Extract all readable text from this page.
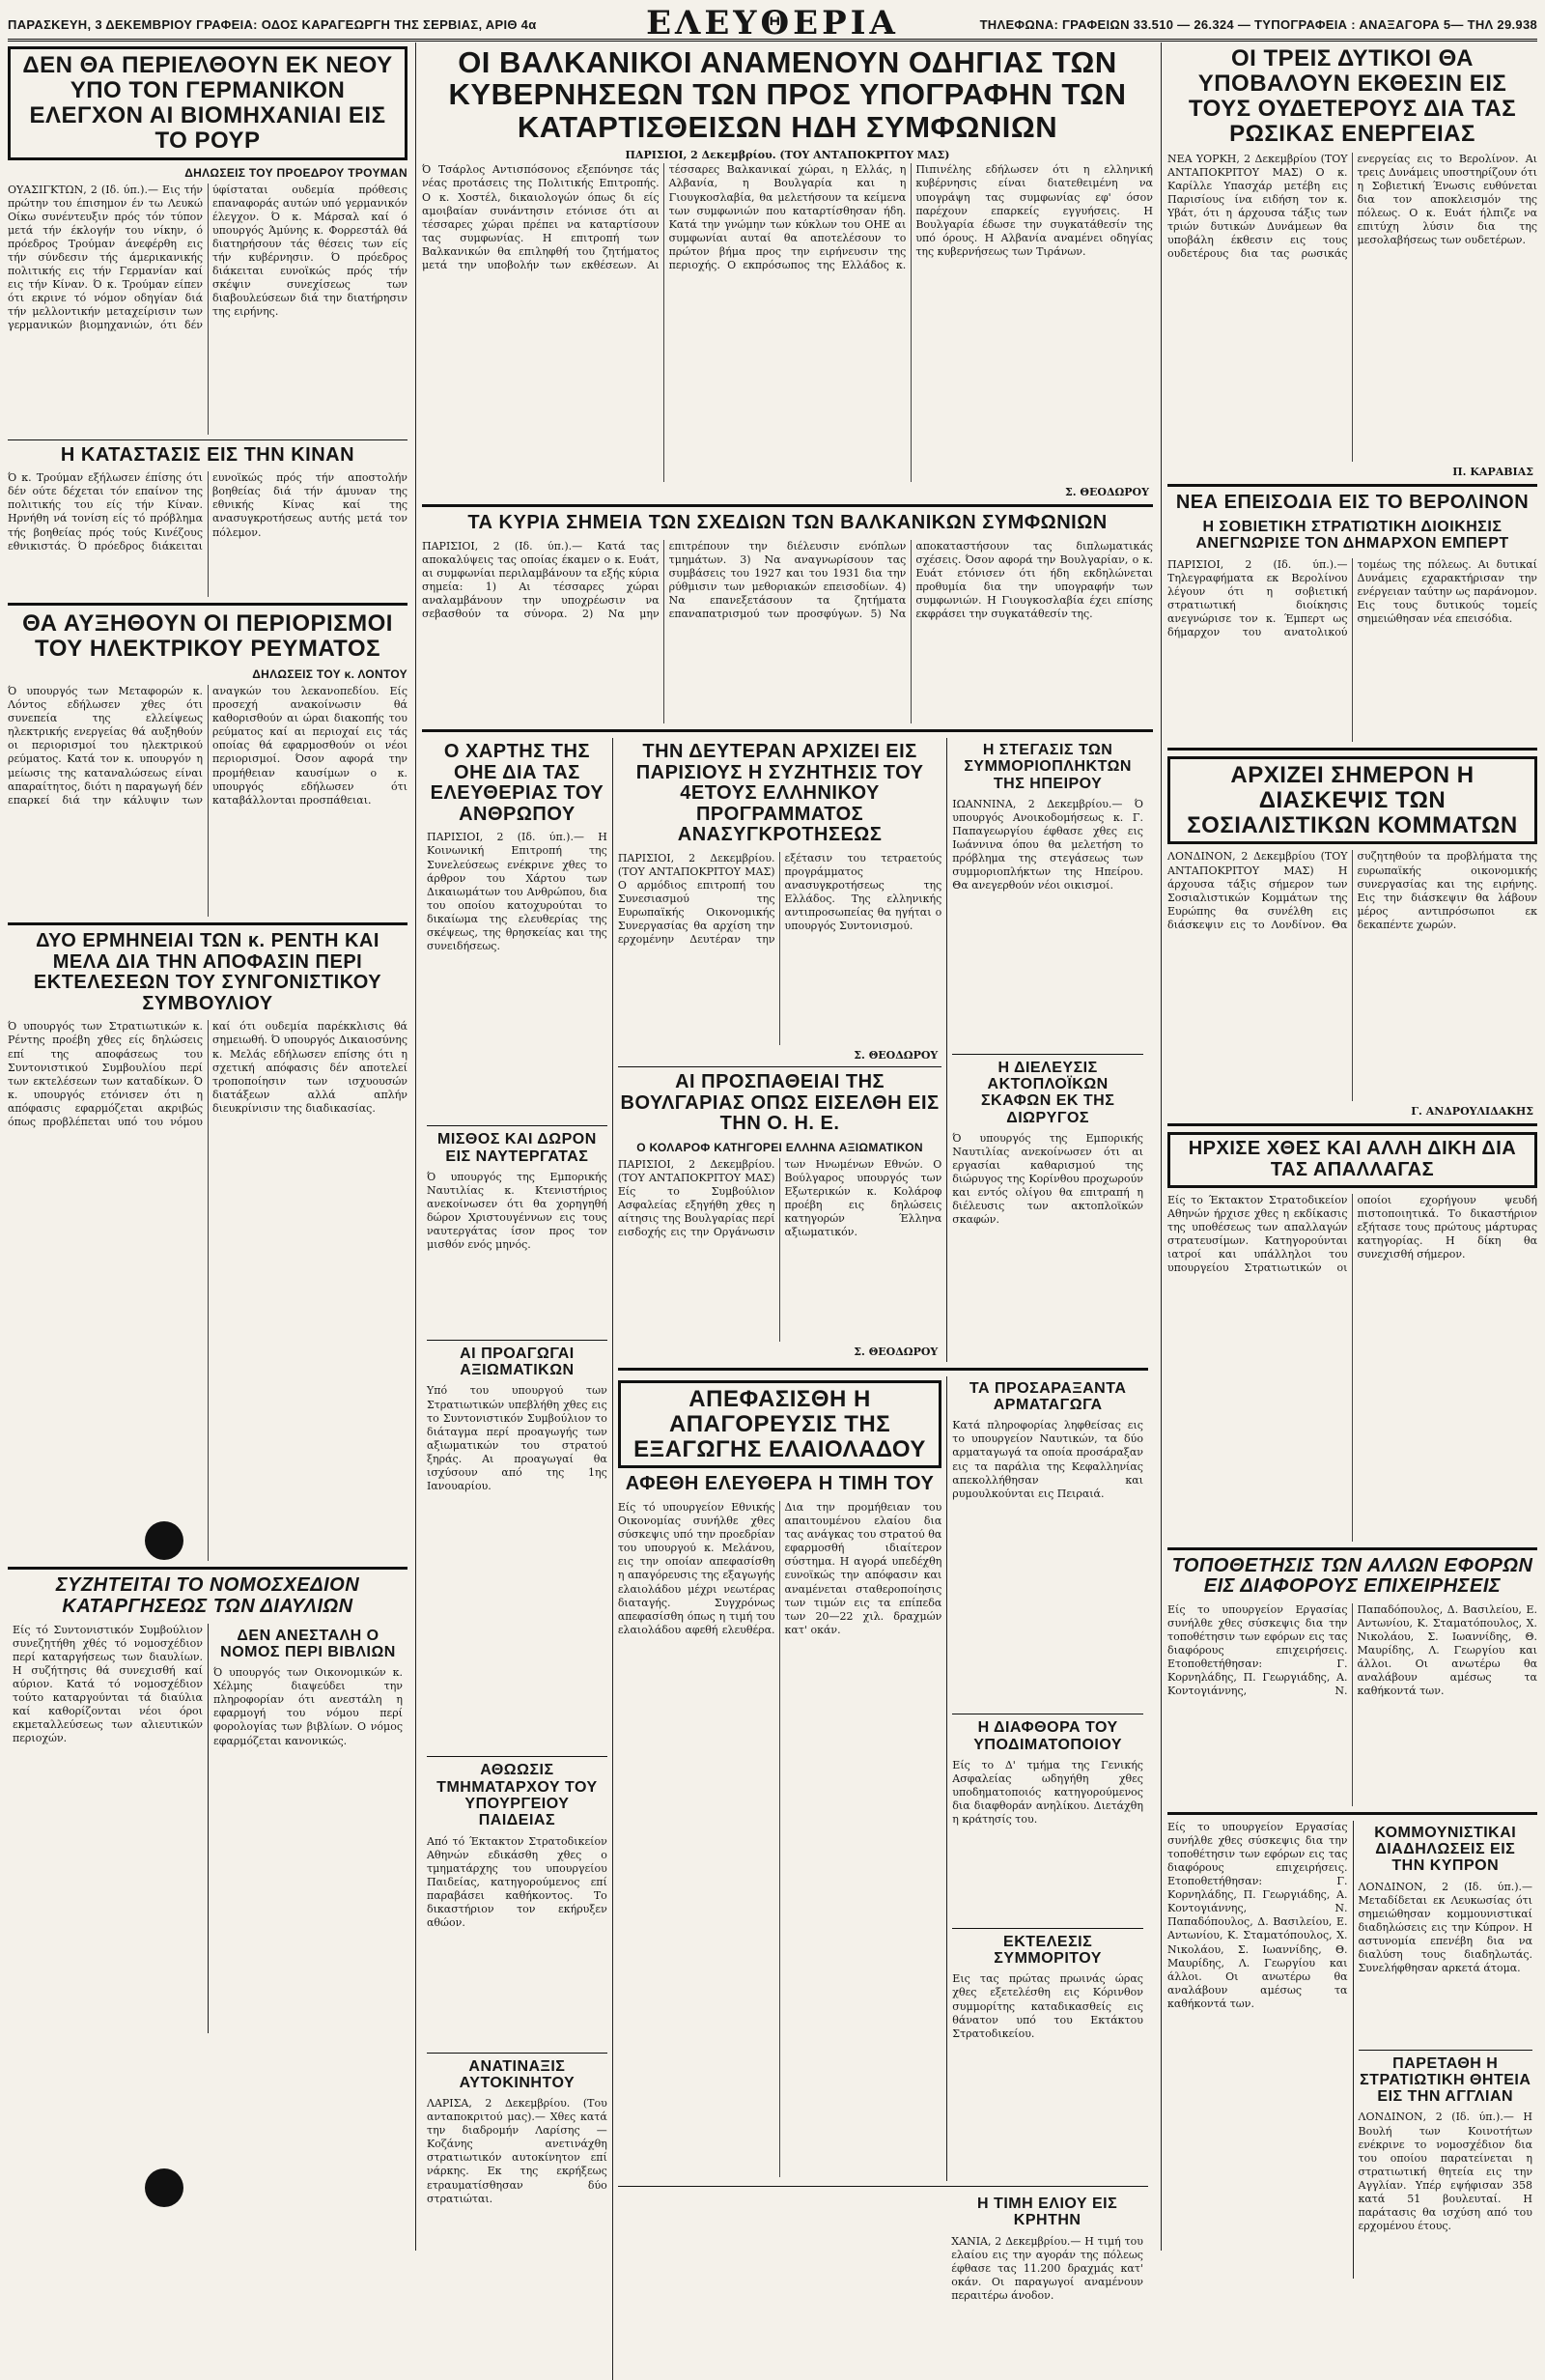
ΠΑΡΑΣΚΕΥΗ, 3 ΔΕΚΕΜΒΡΙΟΥ ΓΡΑΦΕΙΑ: ΟΔΟΣ ΚΑΡΑΓΕΩΡΓΗ ΤΗΣ ΣΕΡΒΙΑΣ, ΑΡΙΘ 4α	ΕΛΕΥΘΕΡΙΑ	ΤΗΛΕΦΩΝΑ: ΓΡΑΦΕΙΩΝ 33.510 — 26.324 — ΤΥΠΟΓΡΑΦΕΙΑ : ΑΝΑΞΑΓΟΡΑ 5— ΤΗΛ 29.938
ΔΕΝ ΘΑ ΠΕΡΙΕΛΘΟΥΝ ΕΚ ΝΕΟΥ ΥΠΟ ΤΟΝ ΓΕΡΜΑΝΙΚΟΝ ΕΛΕΓΧΟΝ ΑΙ ΒΙΟΜΗΧΑΝΙΑΙ ΕΙΣ ΤΟ ΡΟΥΡ
ΔΗΛΩΣΕΙΣ ΤΟΥ ΠΡΟΕΔΡΟΥ ΤΡΟΥΜΑΝ
ΟΥΑΣΙΓΚΤΩΝ, 2 (Ιδ. ύπ.).— Εις τήν πρώτην του έπισημον έν τω Λευκώ Οίκω συνέντευξιν πρός τόν τύπον μετά τήν έκλογήν του νίκην, ό πρόεδρος Τρούμαν άνεφέρθη εις τήν σύνδεσιν τής άμερικανικής πολιτικής εις τήν Γερμανίαν καί εις τήν Κίναν. Ό κ. Τρούμαν είπεν ότι εκρινε τό νόμον οδηγίαν διά τήν μελλοντικήν μεταχείρισιν των γερμανικών βιομηχανιών, ότι δέν ύφίσταται ουδεμία πρόθεσις επαναφοράς αυτών υπό γερμανικόν έλεγχον. Ό κ. Μάρσαλ καί ό υπουργός Άμύνης κ. Φορρεστάλ θά διατηρήσουν τάς θέσεις των είς τήν κυβέρνησιν. Ό πρόεδρος διάκειται ευνοϊκώς πρός τήν σκέψιν συνεχίσεως των διαβουλεύσεων διά την διατήρησιν της ειρήνης.
Η ΚΑΤΑΣΤΑΣΙΣ ΕΙΣ ΤΗΝ ΚΙΝΑΝ
Ό κ. Τρούμαν εξήλωσεν έπίσης ότι δέν ούτε δέχεται τόν επαίνον της πολιτικής του είς τήν Κίναν. Ηρνήθη νά τονίση είς τό πρόβλημα τής βοηθείας πρός τούς Κινέζους εθνικιστάς. Ό πρόεδρος διάκειται ευνοϊκώς πρός τήν αποστολήν βοηθείας διά τήν άμυναν της εθνικής Κίνας καί της ανασυγκροτήσεως αυτής μετά τον πόλεμον.
ΘΑ ΑΥΞΗΘΟΥΝ ΟΙ ΠΕΡΙΟΡΙΣΜΟΙ ΤΟΥ ΗΛΕΚΤΡΙΚΟΥ ΡΕΥΜΑΤΟΣ
ΔΗΛΩΣΕΙΣ ΤΟΥ κ. ΛΟΝΤΟΥ
Ό υπουργός των Μεταφορών κ. Λόντος εδήλωσεν χθες ότι συνεπεία της ελλείψεως ηλεκτρικής ενεργείας θά αυξηθούν οι περιορισμοί του ηλεκτρικού ρεύματος. Κατά τον κ. υπουργόν η μείωσις της καταναλώσεως είναι απαραίτητος, διότι η παραγωγή δέν επαρκεί διά την κάλυψιν των αναγκών του λεκανοπεδίου. Είς προσεχή ανακοίνωσιν θά καθορισθούν αι ώραι διακοπής του ρεύματος καί αι περιοχαί εις τάς οποίας θά εφαρμοσθούν οι νέοι περιορισμοί. Όσον αφορά την προμήθειαν καυσίμων ο κ. υπουργός εδήλωσεν ότι καταβάλλονται προσπάθειαι.
ΔΥΟ ΕΡΜΗΝΕΙΑΙ ΤΩΝ κ. ΡΕΝΤΗ ΚΑΙ ΜΕΛΑ ΔΙΑ ΤΗΝ ΑΠΟΦΑΣΙΝ ΠΕΡΙ ΕΚΤΕΛΕΣΕΩΝ ΤΟΥ ΣΥΝΓΟΝΙΣΤΙΚΟΥ ΣΥΜΒΟΥΛΙΟΥ
Ό υπουργός των Στρατιωτικών κ. Ρέντης προέβη χθες είς δηλώσεις επί της αποφάσεως του Συντονιστικού Συμβουλίου περί των εκτελέσεων των καταδίκων. Ό κ. υπουργός ετόνισεν ότι η απόφασις εφαρμόζεται ακριβώς όπως προβλέπεται υπό του νόμου καί ότι ουδεμία παρέκκλισις θά σημειωθή. Ό υπουργός Δικαιοσύνης κ. Μελάς εδήλωσεν επίσης ότι η σχετική απόφασις δέν αποτελεί τροποποίησιν των ισχυουσών διατάξεων αλλά απλήν διευκρίνισιν της διαδικασίας.
ΣΥΖΗΤΕΙΤΑΙ ΤΟ ΝΟΜΟΣΧΕΔΙΟΝ ΚΑΤΑΡΓΗΣΕΩΣ ΤΩΝ ΔΙΑΥΛΙΩΝ
Είς τό Συντονιστικόν Συμβούλιον συνεζητήθη χθές τό νομοσχέδιον περί καταργήσεως των διαυλίων. Η συζήτησις θά συνεχισθή καί αύριον. Κατά τό νομοσχέδιον τούτο καταργούνται τά διαύλια καί καθορίζονται νέοι όροι εκμεταλλεύσεως των αλιευτικών περιοχών.
ΔΕΝ ΑΝΕΣΤΑΛΗ Ο ΝΟΜΟΣ ΠΕΡΙ ΒΙΒΛΙΩΝ
Ό υπουργός των Οικονομικών κ. Χέλμης διαψεύδει την πληροφορίαν ότι ανεστάλη η εφαρμογή του νόμου περί φορολογίας των βιβλίων. Ο νόμος εφαρμόζεται κανονικώς.
ΟΙ ΒΑΛΚΑΝΙΚΟΙ ΑΝΑΜΕΝΟΥΝ ΟΔΗΓΙΑΣ ΤΩΝ ΚΥΒΕΡΝΗΣΕΩΝ ΤΩΝ ΠΡΟΣ ΥΠΟΓΡΑΦΗΝ ΤΩΝ ΚΑΤΑΡΤΙΣΘΕΙΣΩΝ ΗΔΗ ΣΥΜΦΩΝΙΩΝ
ΠΑΡΙΣΙΟΙ, 2 Δεκεμβρίου. (ΤΟΥ ΑΝΤΑΠΟΚΡΙΤΟΥ ΜΑΣ)
Ό Τσάρλος Αντισπόσονος εξεπόνησε τάς νέας προτάσεις της Πολιτικής Επιτροπής. Ο κ. Χοστέλ, δικαιολογών όπως δι είς αμοιβαίαν συνάντησιν ετόνισε ότι αι τέσσαρες χώραι πρέπει να καταρτίσουν τας συμφωνίας. Η επιτροπή των Βαλκανικών θα επιληφθή του ζητήματος μετά την υποβολήν των εκθέσεων. Αι τέσσαρες Βαλκανικαί χώραι, η Ελλάς, η Αλβανία, η Βουλγαρία και η Γιουγκοσλαβία, θα μελετήσουν τα κείμενα των συμφωνιών που καταρτίσθησαν ήδη. Κατά την γνώμην των κύκλων του ΟΗΕ αι συμφωνίαι αυταί θα αποτελέσουν το πρώτον βήμα προς την ειρήνευσιν της περιοχής. Ο εκπρόσωπος της Ελλάδος κ. Πιπινέλης εδήλωσεν ότι η ελληνική κυβέρνησις είναι διατεθειμένη να υπογράψη τας συμφωνίας εφ' όσον παρέχουν επαρκείς εγγυήσεις. Η Βουλγαρία έδωσε την συγκατάθεσίν της υπό όρους. Η Αλβανία αναμένει οδηγίας της κυβερνήσεως των Τιράνων.
Σ. ΘΕΟΔΩΡΟΥ
ΤΑ ΚΥΡΙΑ ΣΗΜΕΙΑ ΤΩΝ ΣΧΕΔΙΩΝ ΤΩΝ ΒΑΛΚΑΝΙΚΩΝ ΣΥΜΦΩΝΙΩΝ
ΠΑΡΙΣΙΟΙ, 2 (Ιδ. ύπ.).— Κατά τας αποκαλύψεις τας οποίας έκαμεν ο κ. Ευάτ, αι συμφωνίαι περιλαμβάνουν τα εξής κύρια σημεία: 1) Αι τέσσαρες χώραι αναλαμβάνουν την υποχρέωσιν να σεβασθούν τα σύνορα. 2) Να μην επιτρέπουν την διέλευσιν ενόπλων τμημάτων. 3) Να αναγνωρίσουν τας συμβάσεις του 1927 και του 1931 δια την ρύθμισιν των μεθοριακών επεισοδίων. 4) Να επανεξετάσουν τα ζητήματα επαναπατρισμού των προσφύγων. 5) Να αποκαταστήσουν τας διπλωματικάς σχέσεις. Όσον αφορά την Βουλγαρίαν, ο κ. Ευάτ ετόνισεν ότι ήδη εκδηλώνεται προθυμία δια την υπογραφήν των συμφωνιών. Η Γιουγκοσλαβία έχει επίσης εκφράσει την συγκατάθεσίν της.
Ο ΧΑΡΤΗΣ ΤΗΣ ΟΗΕ ΔΙΑ ΤΑΣ ΕΛΕΥΘΕΡΙΑΣ ΤΟΥ ΑΝΘΡΩΠΟΥ
ΠΑΡΙΣΙΟΙ, 2 (Ιδ. ύπ.).— Η Κοινωνική Επιτροπή της Συνελεύσεως ενέκρινε χθες το άρθρον του Χάρτου των Δικαιωμάτων του Ανθρώπου, δια του οποίου κατοχυρούται το δικαίωμα της ελευθερίας της σκέψεως, της θρησκείας και της συνειδήσεως.
ΜΙΣΘΟΣ ΚΑΙ ΔΩΡΟΝ ΕΙΣ ΝΑΥΤΕΡΓΑΤΑΣ
Ό υπουργός της Εμπορικής Ναυτιλίας κ. Κτενιστήριος ανεκοίνωσεν ότι θα χορηγηθή δώρον Χριστουγέννων εις τους ναυτεργάτας ίσον προς τον μισθόν ενός μηνός.
ΑΙ ΠΡΟΑΓΩΓΑΙ ΑΞΙΩΜΑΤΙΚΩΝ
Υπό του υπουργού των Στρατιωτικών υπεβλήθη χθες εις το Συντονιστικόν Συμβούλιον το διάταγμα περί προαγωγής των αξιωματικών του στρατού ξηράς. Αι προαγωγαί θα ισχύσουν από της 1ης Ιανουαρίου.
ΑΘΩΩΣΙΣ ΤΜΗΜΑΤΑΡΧΟΥ ΤΟΥ ΥΠΟΥΡΓΕΙΟΥ ΠΑΙΔΕΙΑΣ
Από τό Έκτακτον Στρατοδικείον Αθηνών εδικάσθη χθες ο τμηματάρχης του υπουργείου Παιδείας, κατηγορούμενος επί παραβάσει καθήκοντος. Το δικαστήριον τον εκήρυξεν αθώον.
ΑΝΑΤΙΝΑΞΙΣ ΑΥΤΟΚΙΝΗΤΟΥ
ΛΑΡΙΣΑ, 2 Δεκεμβρίου. (Του ανταποκριτού μας).— Χθες κατά την διαδρομήν Λαρίσης — Κοζάνης ανετινάχθη στρατιωτικόν αυτοκίνητον επί νάρκης. Εκ της εκρήξεως ετραυματίσθησαν δύο στρατιώται.
ΤΗΝ ΔΕΥΤΕΡΑΝ ΑΡΧΙΖΕΙ ΕΙΣ ΠΑΡΙΣΙΟΥΣ Η ΣΥΖΗΤΗΣΙΣ ΤΟΥ 4ΕΤΟΥΣ ΕΛΛΗΝΙΚΟΥ ΠΡΟΓΡΑΜΜΑΤΟΣ ΑΝΑΣΥΓΚΡΟΤΗΣΕΩΣ
ΠΑΡΙΣΙΟΙ, 2 Δεκεμβρίου. (ΤΟΥ ΑΝΤΑΠΟΚΡΙΤΟΥ ΜΑΣ) Ο αρμόδιος επιτροπή του Συνεσιασμού της Ευρωπαϊκής Οικονομικής Συνεργασίας θα αρχίση την ερχομένην Δευτέραν την εξέτασιν του τετραετούς προγράμματος ανασυγκροτήσεως της Ελλάδος. Της ελληνικής αντιπροσωπείας θα ηγήται ο υπουργός Συντονισμού.
Σ. ΘΕΟΔΩΡΟΥ
ΑΙ ΠΡΟΣΠΑΘΕΙΑΙ ΤΗΣ ΒΟΥΛΓΑΡΙΑΣ ΟΠΩΣ ΕΙΣΕΛΘΗ ΕΙΣ ΤΗΝ Ο. Η. Ε.
Ο ΚΟΛΑΡΟΦ ΚΑΤΗΓΟΡΕΙ ΕΛΛΗΝΑ ΑΞΙΩΜΑΤΙΚΟΝ
ΠΑΡΙΣΙΟΙ, 2 Δεκεμβρίου. (ΤΟΥ ΑΝΤΑΠΟΚΡΙΤΟΥ ΜΑΣ) Είς το Συμβούλιον Ασφαλείας εξηγήθη χθες η αίτησις της Βουλγαρίας περί εισδοχής εις την Οργάνωσιν των Ηνωμένων Εθνών. Ο Βούλγαρος υπουργός των Εξωτερικών κ. Κολάροφ προέβη εις δηλώσεις κατηγορών Έλληνα αξιωματικόν.
Σ. ΘΕΟΔΩΡΟΥ
Η ΣΤΕΓΑΣΙΣ ΤΩΝ ΣΥΜΜΟΡΙΟΠΛΗΚΤΩΝ ΤΗΣ ΗΠΕΙΡΟΥ
ΙΩΑΝΝΙΝΑ, 2 Δεκεμβρίου.— Ό υπουργός Ανοικοδομήσεως κ. Γ. Παπαγεωργίου έφθασε χθες εις Ιωάννινα όπου θα μελετήση το πρόβλημα της στεγάσεως των συμμοριοπλήκτων της Ηπείρου. Θα ανεγερθούν νέοι οικισμοί.
Η ΔΙΕΛΕΥΣΙΣ ΑΚΤΟΠΛΟΪΚΩΝ ΣΚΑΦΩΝ ΕΚ ΤΗΣ ΔΙΩΡΥΓΟΣ
Ό υπουργός της Εμπορικής Ναυτιλίας ανεκοίνωσεν ότι αι εργασίαι καθαρισμού της διώρυγος της Κορίνθου προχωρούν και εντός ολίγου θα επιτραπή η διέλευσις των ακτοπλοϊκών σκαφών.
ΑΠΕΦΑΣΙΣΘΗ Η ΑΠΑΓΟΡΕΥΣΙΣ ΤΗΣ ΕΞΑΓΩΓΗΣ ΕΛΑΙΟΛΑΔΟΥ
ΑΦΕΘΗ ΕΛΕΥΘΕΡΑ Η ΤΙΜΗ ΤΟΥ
Είς τό υπουργείον Εθνικής Οικονομίας συνήλθε χθες σύσκεψις υπό την προεδρίαν του υπουργού κ. Μελάνου, εις την οποίαν απεφασίσθη η απαγόρευσις της εξαγωγής ελαιολάδου μέχρι νεωτέρας διαταγής. Συγχρόνως απεφασίσθη όπως η τιμή του ελαιολάδου αφεθή ελευθέρα. Δια την προμήθειαν του απαιτουμένου ελαίου δια τας ανάγκας του στρατού θα εφαρμοσθή ιδιαίτερον σύστημα. Η αγορά υπεδέχθη ευνοϊκώς την απόφασιν και αναμένεται σταθεροποίησις των τιμών εις τα επίπεδα των 20—22 χιλ. δραχμών κατ' οκάν.
ΤΑ ΠΡΟΣΑΡΑΞΑΝΤΑ ΑΡΜΑΤΑΓΩΓΑ
Κατά πληροφορίας ληφθείσας εις το υπουργείον Ναυτικών, τα δύο αρματαγωγά τα οποία προσάραξαν εις τα παράλια της Κεφαλληνίας απεκολλήθησαν και ρυμουλκούνται εις Πειραιά.
Η ΔΙΑΦΘΟΡΑ ΤΟΥ ΥΠΟΔΙΜΑΤΟΠΟΙΟΥ
Είς το Δ' τμήμα της Γενικής Ασφαλείας ωδηγήθη χθες υποδηματοποιός κατηγορούμενος δια διαφθοράν ανηλίκου. Διετάχθη η κράτησίς του.
ΕΚΤΕΛΕΣΙΣ ΣΥΜΜΟΡΙΤΟΥ
Εις τας πρώτας πρωινάς ώρας χθες εξετελέσθη εις Κόρινθον συμμορίτης καταδικασθείς εις θάνατον υπό του Εκτάκτου Στρατοδικείου.
Η ΤΙΜΗ ΕΛΙΟΥ ΕΙΣ ΚΡΗΤΗΝ
ΧΑΝΙΑ, 2 Δεκεμβρίου.— Η τιμή του ελαίου εις την αγοράν της πόλεως έφθασε τας 11.200 δραχμάς κατ' οκάν. Οι παραγωγοί αναμένουν περαιτέρω άνοδον.
ΟΙ ΤΡΕΙΣ ΔΥΤΙΚΟΙ ΘΑ ΥΠΟΒΑΛΟΥΝ ΕΚΘΕΣΙΝ ΕΙΣ ΤΟΥΣ ΟΥΔΕΤΕΡΟΥΣ ΔΙΑ ΤΑΣ ΡΩΣΙΚΑΣ ΕΝΕΡΓΕΙΑΣ
ΝΕΑ ΥΟΡΚΗ, 2 Δεκεμβρίου (ΤΟΥ ΑΝΤΑΠΟΚΡΙΤΟΥ ΜΑΣ) Ο κ. Καρίλλε Υπασχάρ μετέβη εις Παρισίους ίνα ειδήση τον κ. Υβάτ, ότι η άρχουσα τάξις των τριών δυτικών Δυνάμεων θα υποβάλη έκθεσιν εις τους ουδετέρους δια τας ρωσικάς ενεργείας εις το Βερολίνον. Αι τρεις Δυνάμεις υποστηρίζουν ότι η Σοβιετική Ένωσις ευθύνεται δια τον αποκλεισμόν της πόλεως. Ο κ. Ευάτ ήλπιζε να επιτύχη λύσιν δια της μεσολαβήσεως των ουδετέρων.
Π. ΚΑΡΑΒΙΑΣ
ΝΕΑ ΕΠΕΙΣΟΔΙΑ ΕΙΣ ΤΟ ΒΕΡΟΛΙΝΟΝ
Η ΣΟΒΙΕΤΙΚΗ ΣΤΡΑΤΙΩΤΙΚΗ ΔΙΟΙΚΗΣΙΣ ΑΝΕΓΝΩΡΙΣΕ ΤΟΝ ΔΗΜΑΡΧΟΝ ΕΜΠΕΡΤ
ΠΑΡΙΣΙΟΙ, 2 (Ιδ. ύπ.).— Τηλεγραφήματα εκ Βερολίνου λέγουν ότι η σοβιετική στρατιωτική διοίκησις ανεγνώρισε τον κ. Έμπερτ ως δήμαρχον του ανατολικού τομέως της πόλεως. Αι δυτικαί Δυνάμεις εχαρακτήρισαν την ενέργειαν ταύτην ως παράνομον. Εις τους δυτικούς τομείς σημειώθησαν νέα επεισόδια.
ΑΡΧΙΖΕΙ ΣΗΜΕΡΟΝ Η ΔΙΑΣΚΕΨΙΣ ΤΩΝ ΣΟΣΙΑΛΙΣΤΙΚΩΝ ΚΟΜΜΑΤΩΝ
ΛΟΝΔΙΝΟΝ, 2 Δεκεμβρίου (ΤΟΥ ΑΝΤΑΠΟΚΡΙΤΟΥ ΜΑΣ) Η άρχουσα τάξις σήμερον των Σοσιαλιστικών Κομμάτων της Ευρώπης θα συνέλθη εις διάσκεψιν εις το Λονδίνον. Θα συζητηθούν τα προβλήματα της ευρωπαϊκής οικονομικής συνεργασίας και της ειρήνης. Εις την διάσκεψιν θα λάβουν μέρος αντιπρόσωποι εκ δεκαπέντε χωρών.
Γ. ΑΝΔΡΟΥΛΙΔΑΚΗΣ
ΗΡΧΙΣΕ ΧΘΕΣ ΚΑΙ ΑΛΛΗ ΔΙΚΗ ΔΙΑ ΤΑΣ ΑΠΑΛΛΑΓΑΣ
Είς το Έκτακτον Στρατοδικείον Αθηνών ήρχισε χθες η εκδίκασις της υποθέσεως των απαλλαγών στρατευσίμων. Κατηγορούνται ιατροί και υπάλληλοι του υπουργείου Στρατιωτικών οι οποίοι εχορήγουν ψευδή πιστοποιητικά. Το δικαστήριον εξήτασε τους πρώτους μάρτυρας κατηγορίας. Η δίκη θα συνεχισθή σήμερον.
ΤΟΠΟΘΕΤΗΣΙΣ ΤΩΝ ΑΛΛΩΝ ΕΦΟΡΩΝ ΕΙΣ ΔΙΑΦΟΡΟΥΣ ΕΠΙΧΕΙΡΗΣΕΙΣ
Είς το υπουργείον Εργασίας συνήλθε χθες σύσκεψις δια την τοποθέτησιν των εφόρων εις τας διαφόρους επιχειρήσεις. Ετοποθετήθησαν: Γ. Κορνηλάδης, Π. Γεωργιάδης, Α. Κοντογιάννης, Ν. Παπαδόπουλος, Δ. Βασιλείου, Ε. Αντωνίου, Κ. Σταματόπουλος, Χ. Νικολάου, Σ. Ιωαννίδης, Θ. Μαυρίδης, Λ. Γεωργίου και άλλοι. Οι ανωτέρω θα αναλάβουν αμέσως τα καθήκοντά των.
Είς το υπουργείον Εργασίας συνήλθε χθες σύσκεψις δια την τοποθέτησιν των εφόρων εις τας διαφόρους επιχειρήσεις. Ετοποθετήθησαν: Γ. Κορνηλάδης, Π. Γεωργιάδης, Α. Κοντογιάννης, Ν. Παπαδόπουλος, Δ. Βασιλείου, Ε. Αντωνίου, Κ. Σταματόπουλος, Χ. Νικολάου, Σ. Ιωαννίδης, Θ. Μαυρίδης, Λ. Γεωργίου και άλλοι. Οι ανωτέρω θα αναλάβουν αμέσως τα καθήκοντά των.
ΚΟΜΜΟΥΝΙΣΤΙΚΑΙ ΔΙΑΔΗΛΩΣΕΙΣ ΕΙΣ ΤΗΝ ΚΥΠΡΟΝ
ΛΟΝΔΙΝΟΝ, 2 (Ιδ. ύπ.).— Μεταδίδεται εκ Λευκωσίας ότι σημειώθησαν κομμουνιστικαί διαδηλώσεις εις την Κύπρον. Η αστυνομία επενέβη δια να διαλύση τους διαδηλωτάς. Συνελήφθησαν αρκετά άτομα.
ΠΑΡΕΤΑΘΗ Η ΣΤΡΑΤΙΩΤΙΚΗ ΘΗΤΕΙΑ ΕΙΣ ΤΗΝ ΑΓΓΛΙΑΝ
ΛΟΝΔΙΝΟΝ, 2 (Ιδ. ύπ.).— Η Βουλή των Κοινοτήτων ενέκρινε το νομοσχέδιον δια του οποίου παρατείνεται η στρατιωτική θητεία εις την Αγγλίαν. Υπέρ εψήφισαν 358 κατά 51 βουλευταί. Η παράτασις θα ισχύση από του ερχομένου έτους.
